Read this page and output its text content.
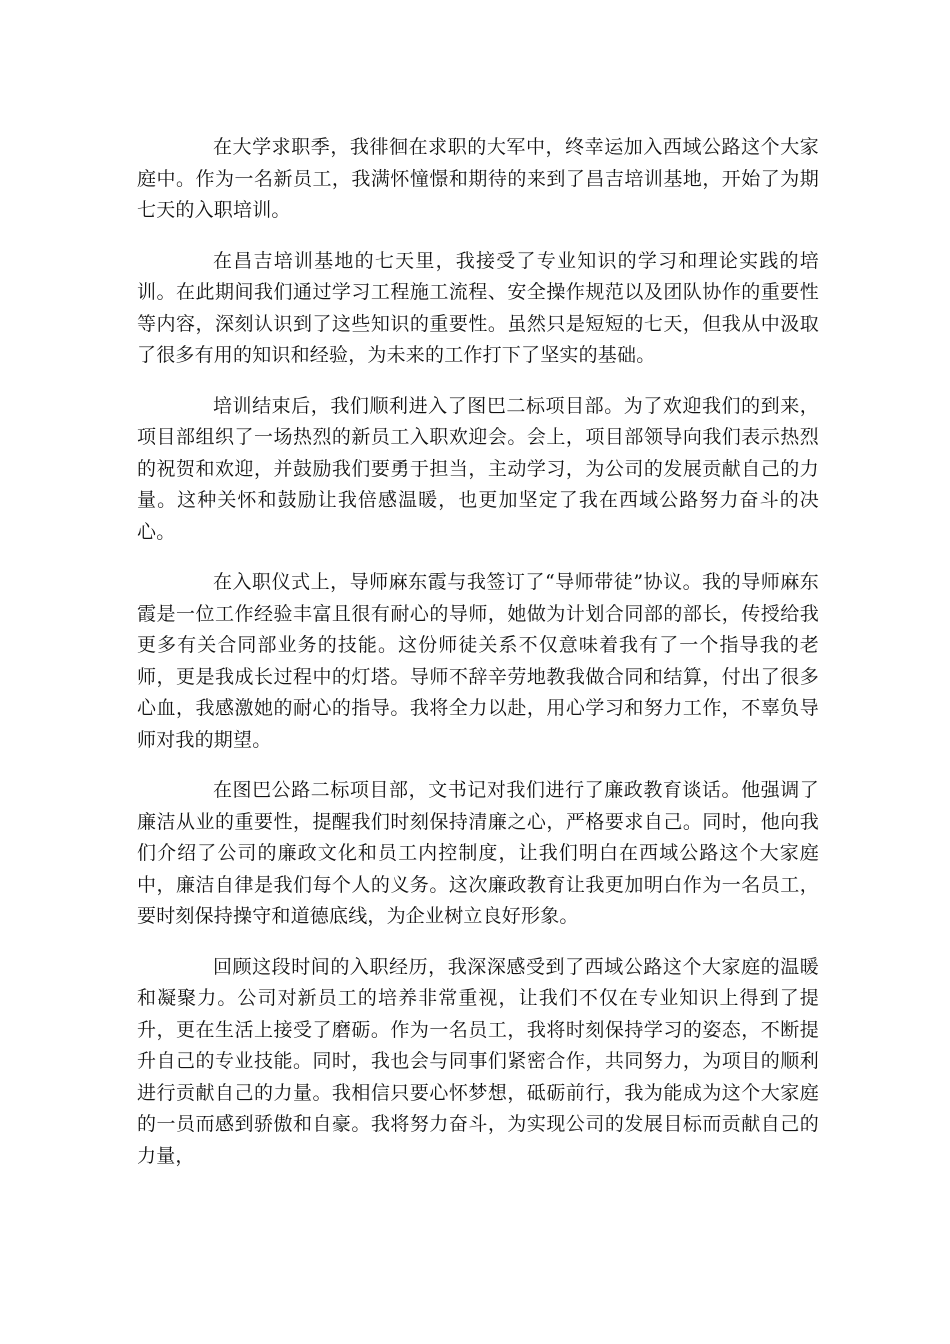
在大学求职季，我徘徊在求职的大军中，终幸运加入西域公路这个大家庭中。作为一名新员工，我满怀憧憬和期待的来到了昌吉培训基地，开始了为期七天的入职培训。

在昌吉培训基地的七天里，我接受了专业知识的学习和理论实践的培训。在此期间我们通过学习工程施工流程、安全操作规范以及团队协作的重要性等内容，深刻认识到了这些知识的重要性。虽然只是短短的七天，但我从中汲取了很多有用的知识和经验，为未来的工作打下了坚实的基础。

培训结束后，我们顺利进入了图巴二标项目部。为了欢迎我们的到来，项目部组织了一场热烈的新员工入职欢迎会。会上，项目部领导向我们表示热烈的祝贺和欢迎，并鼓励我们要勇于担当，主动学习，为公司的发展贡献自己的力量。这种关怀和鼓励让我倍感温暖，也更加坚定了我在西域公路努力奋斗的决心。

在入职仪式上，导师麻东霞与我签订了“导师带徒”协议。我的导师麻东霞是一位工作经验丰富且很有耐心的导师，她做为计划合同部的部长，传授给我更多有关合同部业务的技能。这份师徒关系不仅意味着我有了一个指导我的老师，更是我成长过程中的灯塔。导师不辞辛劳地教我做合同和结算，付出了很多心血，我感激她的耐心的指导。我将全力以赴，用心学习和努力工作，不辜负导师对我的期望。

在图巴公路二标项目部，文书记对我们进行了廉政教育谈话。他强调了廉洁从业的重要性，提醒我们时刻保持清廉之心，严格要求自己。同时，他向我们介绍了公司的廉政文化和员工内控制度，让我们明白在西域公路这个大家庭中，廉洁自律是我们每个人的义务。这次廉政教育让我更加明白作为一名员工，要时刻保持操守和道德底线，为企业树立良好形象。

回顾这段时间的入职经历，我深深感受到了西域公路这个大家庭的温暖和凝聚力。公司对新员工的培养非常重视，让我们不仅在专业知识上得到了提升，更在生活上接受了磨砺。作为一名员工，我将时刻保持学习的姿态，不断提升自己的专业技能。同时，我也会与同事们紧密合作，共同努力，为项目的顺利进行贡献自己的力量。我相信只要心怀梦想，砥砺前行，我为能成为这个大家庭的一员而感到骄傲和自豪。我将努力奋斗，为实现公司的发展目标而贡献自己的力量，
